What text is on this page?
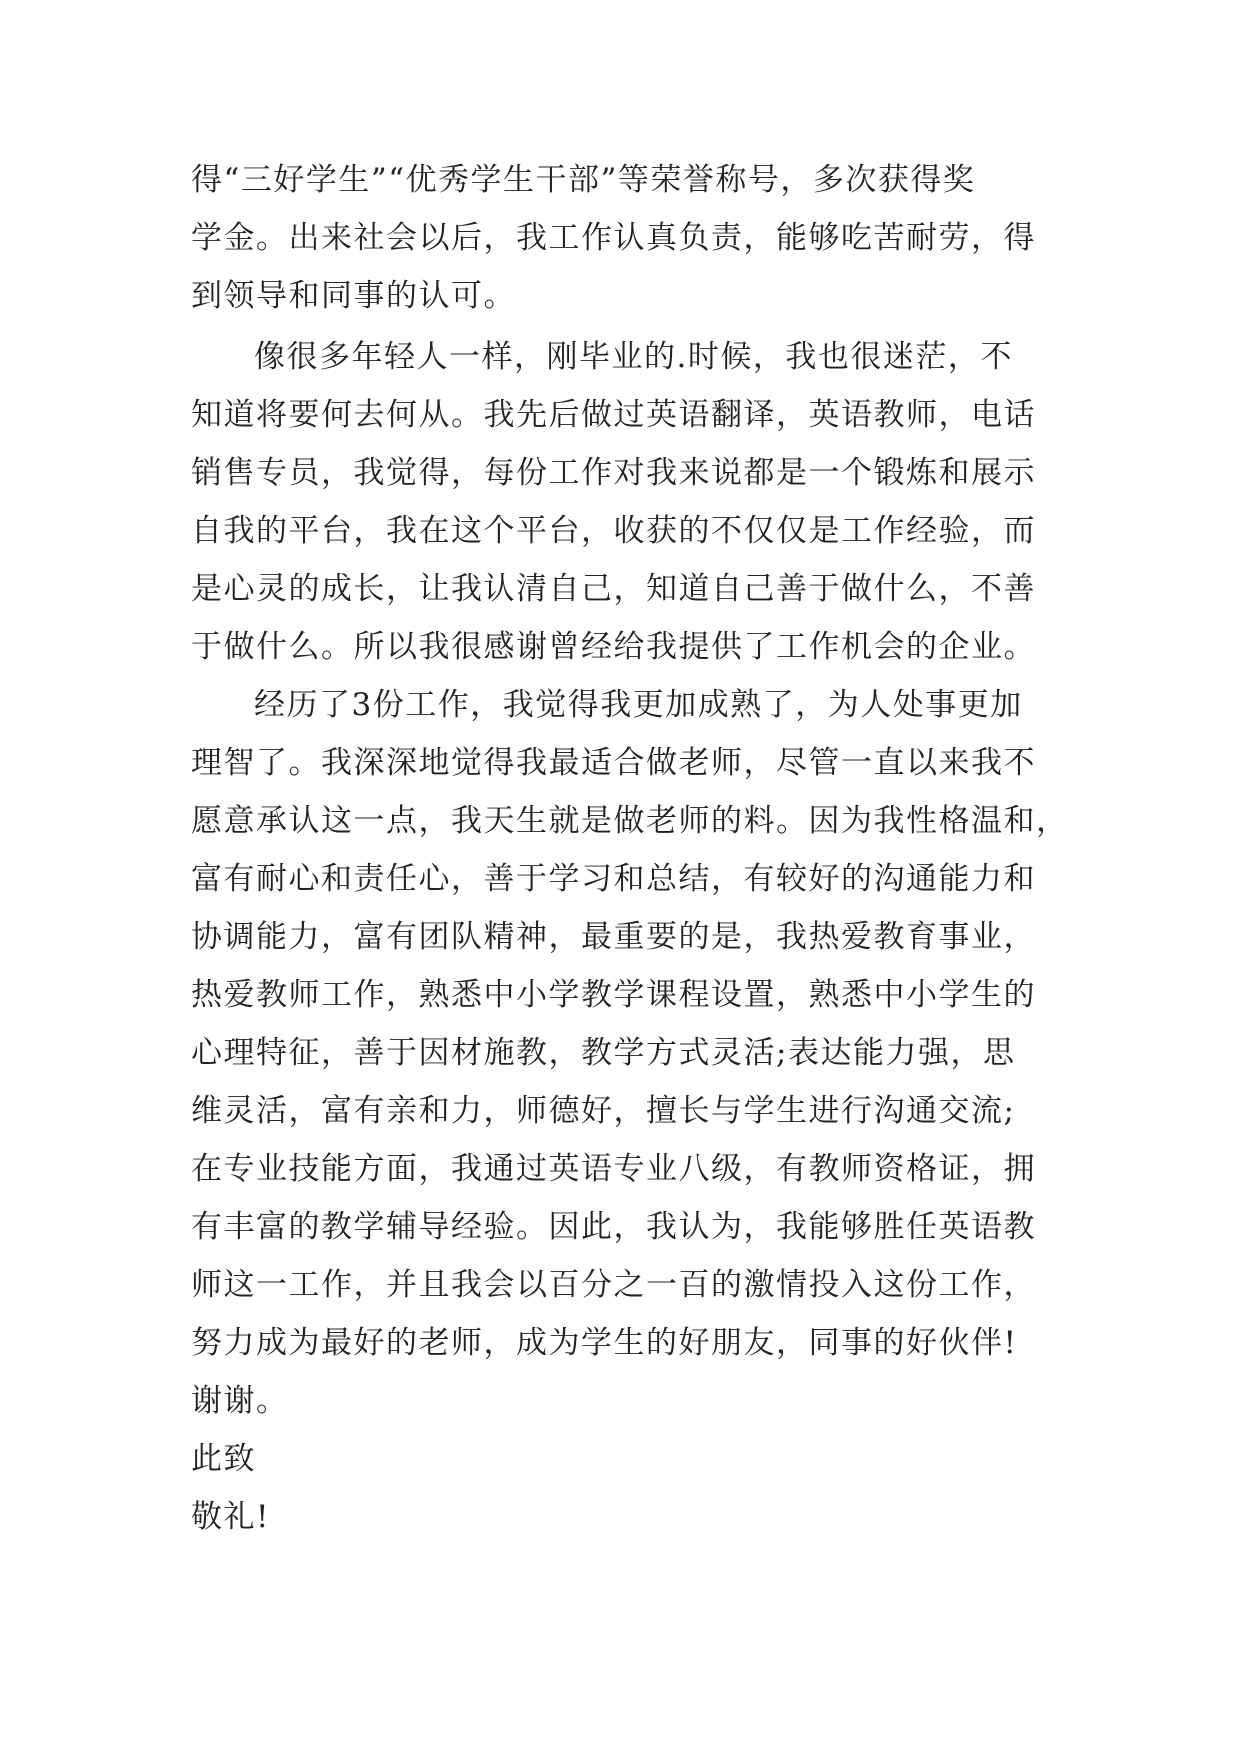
得“三好学生”“优秀学生干部”等荣誉称号，多次获得奖

学金。出来社会以后，我工作认真负责，能够吃苦耐劳，得

到领导和同事的认可。

像很多年轻人一样，刚毕业的.时候，我也很迷茫，不

知道将要何去何从。我先后做过英语翻译，英语教师，电话

销售专员，我觉得，每份工作对我来说都是一个锻炼和展示

自我的平台，我在这个平台，收获的不仅仅是工作经验，而

是心灵的成长，让我认清自己，知道自己善于做什么，不善

于做什么。所以我很感谢曾经给我提供了工作机会的企业。

经历了3份工作，我觉得我更加成熟了，为人处事更加

理智了。我深深地觉得我最适合做老师，尽管一直以来我不

愿意承认这一点，我天生就是做老师的料。因为我性格温和，

富有耐心和责任心，善于学习和总结，有较好的沟通能力和

协调能力，富有团队精神，最重要的是，我热爱教育事业，

热爱教师工作，熟悉中小学教学课程设置，熟悉中小学生的

心理特征，善于因材施教，教学方式灵活;表达能力强，思

维灵活，富有亲和力，师德好，擅长与学生进行沟通交流;

在专业技能方面，我通过英语专业八级，有教师资格证，拥

有丰富的教学辅导经验。因此，我认为，我能够胜任英语教

师这一工作，并且我会以百分之一百的激情投入这份工作，

努力成为最好的老师，成为学生的好朋友，同事的好伙伴!

谢谢。

此致

敬礼!
